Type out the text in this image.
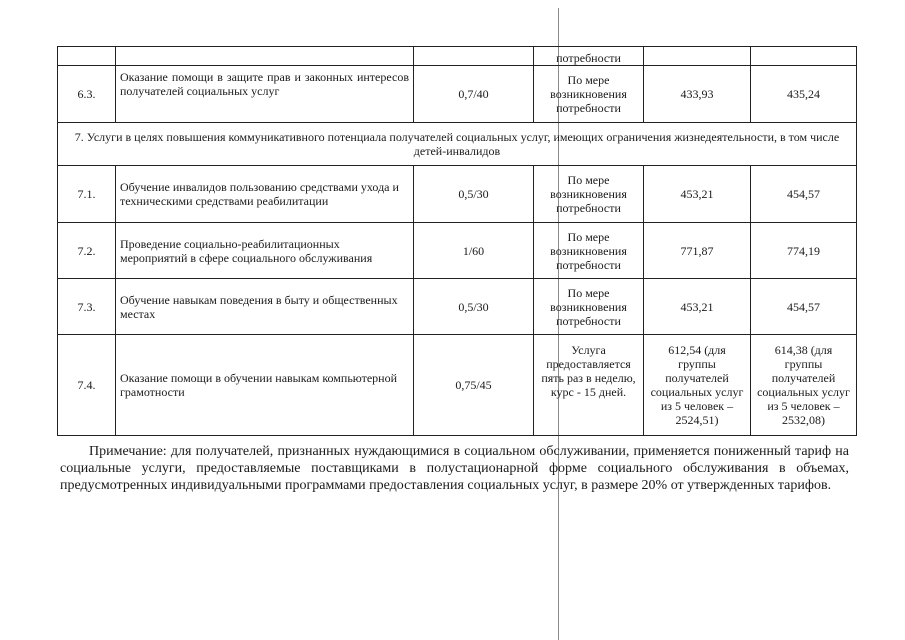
			потребности		
6.3.	Оказание помощи в защите прав и законных интересов получателей социальных услуг	0,7/40	По мере возникновения потребности	433,93	435,24
7. Услуги в целях повышения коммуникативного потенциала получателей социальных услуг, имеющих ограничения жизнедеятельности, в том числе детей-инвалидов					
7.1.	Обучение инвалидов пользованию средствами ухода и техническими средствами реабилитации	0,5/30	По мере возникновения потребности	453,21	454,57
7.2.	Проведение социально-реабилитационных мероприятий в сфере социального обслуживания	1/60	По мере возникновения потребности	771,87	774,19
7.3.	Обучение навыкам поведения в быту и общественных местах	0,5/30	По мере возникновения потребности	453,21	454,57
7.4.	Оказание помощи в обучении навыкам компьютерной грамотности	0,75/45	Услуга предоставляется пять раз в неделю, курс - 15 дней.	612,54 (для группы получателей социальных услуг из 5 человек – 2524,51)	614,38 (для группы получателей социальных услуг из 5 человек – 2532,08)

Примечание: для получателей, признанных нуждающимися в социальном обслуживании, применяется пониженный тариф на социальные услуги, предоставляемые поставщиками в полустационарной форме социального обслуживания в объемах, предусмотренных индивидуальными программами предоставления социальных услуг, в размере 20% от утвержденных тарифов.
